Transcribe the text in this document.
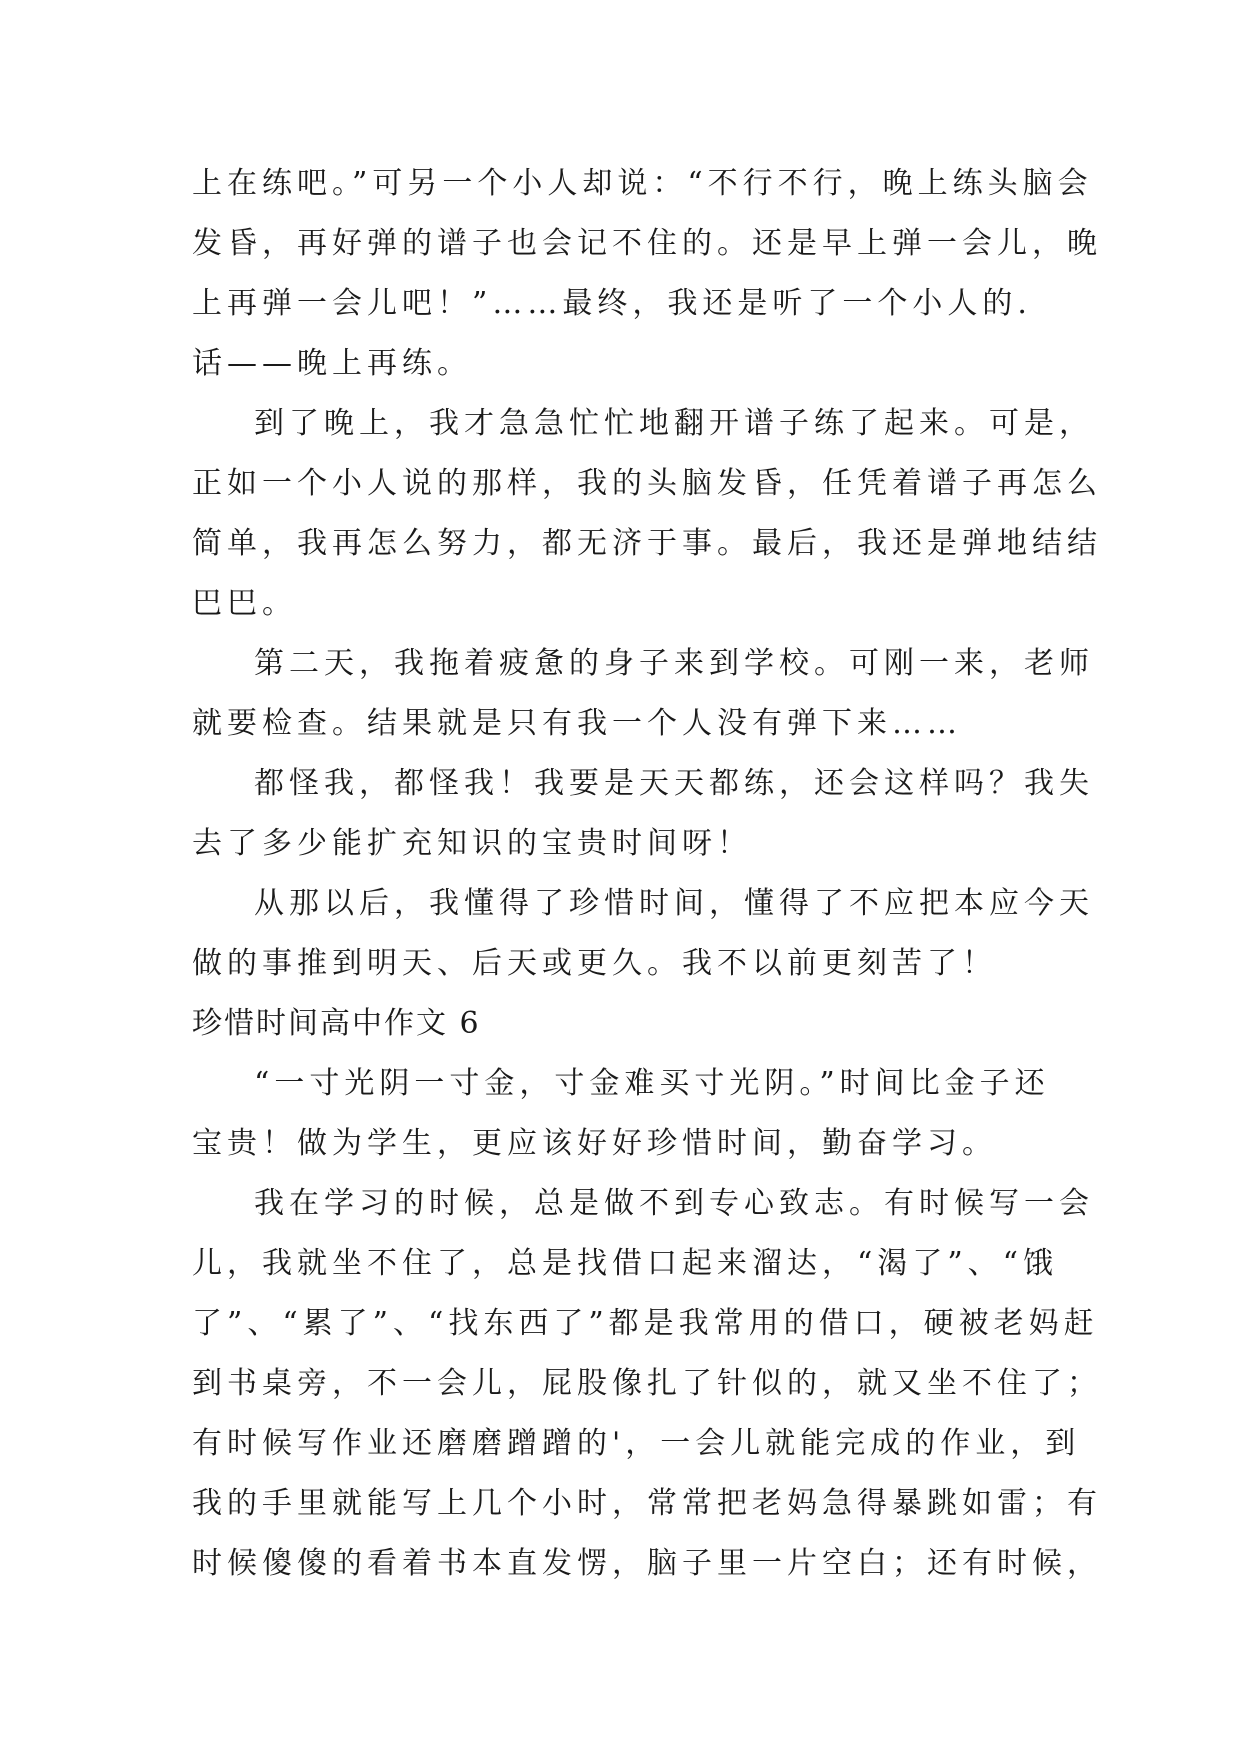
上在练吧。”可另一个小人却说：“不行不行，晚上练头脑会
发昏，再好弹的谱子也会记不住的。还是早上弹一会儿，晚
上再弹一会儿吧！”……最终，我还是听了一个小人的.
话——晚上再练。
到了晚上，我才急急忙忙地翻开谱子练了起来。可是，
正如一个小人说的那样，我的头脑发昏，任凭着谱子再怎么
简单，我再怎么努力，都无济于事。最后，我还是弹地结结
巴巴。
第二天，我拖着疲惫的身子来到学校。可刚一来，老师
就要检查。结果就是只有我一个人没有弹下来……
都怪我，都怪我！我要是天天都练，还会这样吗？我失
去了多少能扩充知识的宝贵时间呀！
从那以后，我懂得了珍惜时间，懂得了不应把本应今天
做的事推到明天、后天或更久。我不以前更刻苦了！
珍惜时间高中作文 6
“一寸光阴一寸金，寸金难买寸光阴。”时间比金子还
宝贵！做为学生，更应该好好珍惜时间，勤奋学习。
我在学习的时候，总是做不到专心致志。有时候写一会
儿，我就坐不住了，总是找借口起来溜达，“渴了”、“饿
了”、“累了”、“找东西了”都是我常用的借口，硬被老妈赶
到书桌旁，不一会儿，屁股像扎了针似的，就又坐不住了；
有时候写作业还磨磨蹭蹭的'，一会儿就能完成的作业，到
我的手里就能写上几个小时，常常把老妈急得暴跳如雷；有
时候傻傻的看着书本直发愣，脑子里一片空白；还有时候，
